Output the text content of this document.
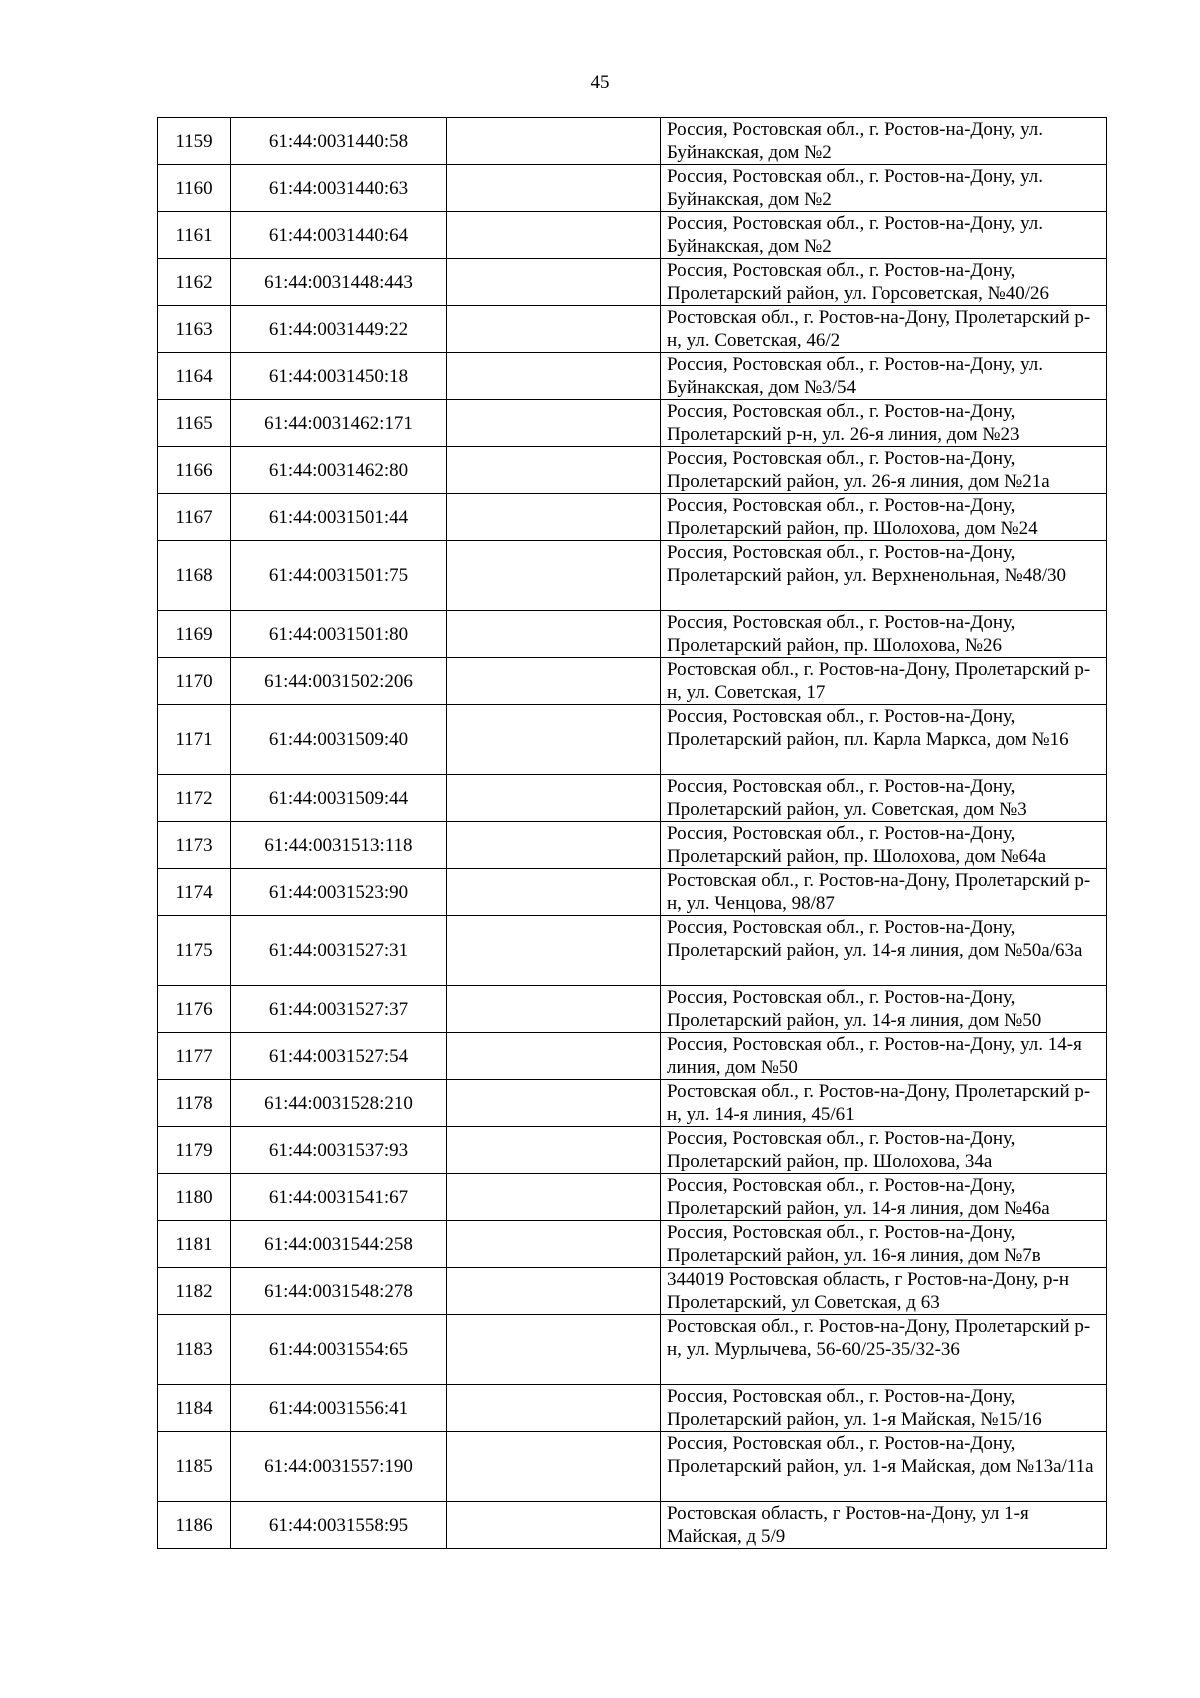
45
1159	61:44:0031440:58		Россия, Ростовская обл., г. Ростов-на-Дону, ул. Буйнакская, дом №2
1160	61:44:0031440:63		Россия, Ростовская обл., г. Ростов-на-Дону, ул. Буйнакская, дом №2
1161	61:44:0031440:64		Россия, Ростовская обл., г. Ростов-на-Дону, ул. Буйнакская, дом №2
1162	61:44:0031448:443		Россия, Ростовская обл., г. Ростов-на-Дону, Пролетарский район, ул. Горсоветская, №40/26
1163	61:44:0031449:22		Ростовская обл., г. Ростов-на-Дону, Пролетарский р-н, ул. Советская, 46/2
1164	61:44:0031450:18		Россия, Ростовская обл., г. Ростов-на-Дону, ул. Буйнакская, дом №3/54
1165	61:44:0031462:171		Россия, Ростовская обл., г. Ростов-на-Дону, Пролетарский р-н, ул. 26-я линия, дом №23
1166	61:44:0031462:80		Россия, Ростовская обл., г. Ростов-на-Дону, Пролетарский район, ул. 26-я линия, дом №21а
1167	61:44:0031501:44		Россия, Ростовская обл., г. Ростов-на-Дону, Пролетарский район, пр. Шолохова, дом №24
1168	61:44:0031501:75		Россия, Ростовская обл., г. Ростов-на-Дону, Пролетарский район, ул. Верхненольная, №48/30
1169	61:44:0031501:80		Россия, Ростовская обл., г. Ростов-на-Дону, Пролетарский район, пр. Шолохова, №26
1170	61:44:0031502:206		Ростовская обл., г. Ростов-на-Дону, Пролетарский р-н, ул. Советская, 17
1171	61:44:0031509:40		Россия, Ростовская обл., г. Ростов-на-Дону, Пролетарский район, пл. Карла Маркса, дом №16
1172	61:44:0031509:44		Россия, Ростовская обл., г. Ростов-на-Дону, Пролетарский район, ул. Советская, дом №3
1173	61:44:0031513:118		Россия, Ростовская обл., г. Ростов-на-Дону, Пролетарский район, пр. Шолохова, дом №64а
1174	61:44:0031523:90		Ростовская обл., г. Ростов-на-Дону, Пролетарский р-н, ул. Ченцова, 98/87
1175	61:44:0031527:31		Россия, Ростовская обл., г. Ростов-на-Дону, Пролетарский район, ул. 14-я линия, дом №50а/63а
1176	61:44:0031527:37		Россия, Ростовская обл., г. Ростов-на-Дону, Пролетарский район, ул. 14-я линия, дом №50
1177	61:44:0031527:54		Россия, Ростовская обл., г. Ростов-на-Дону, ул. 14-я линия, дом №50
1178	61:44:0031528:210		Ростовская обл., г. Ростов-на-Дону, Пролетарский р-н, ул. 14-я линия, 45/61
1179	61:44:0031537:93		Россия, Ростовская обл., г. Ростов-на-Дону, Пролетарский район, пр. Шолохова, 34а
1180	61:44:0031541:67		Россия, Ростовская обл., г. Ростов-на-Дону, Пролетарский район, ул. 14-я линия, дом №46а
1181	61:44:0031544:258		Россия, Ростовская обл., г. Ростов-на-Дону, Пролетарский район, ул. 16-я линия, дом №7в
1182	61:44:0031548:278		344019 Ростовская область, г Ростов-на-Дону, р-н Пролетарский, ул Советская, д 63
1183	61:44:0031554:65		Ростовская обл., г. Ростов-на-Дону, Пролетарский р-н, ул. Мурлычева, 56-60/25-35/32-36
1184	61:44:0031556:41		Россия, Ростовская обл., г. Ростов-на-Дону, Пролетарский район, ул. 1-я Майская, №15/16
1185	61:44:0031557:190		Россия, Ростовская обл., г. Ростов-на-Дону, Пролетарский район, ул. 1-я Майская, дом №13а/11а
1186	61:44:0031558:95		Ростовская область, г Ростов-на-Дону, ул 1-я Майская, д 5/9
